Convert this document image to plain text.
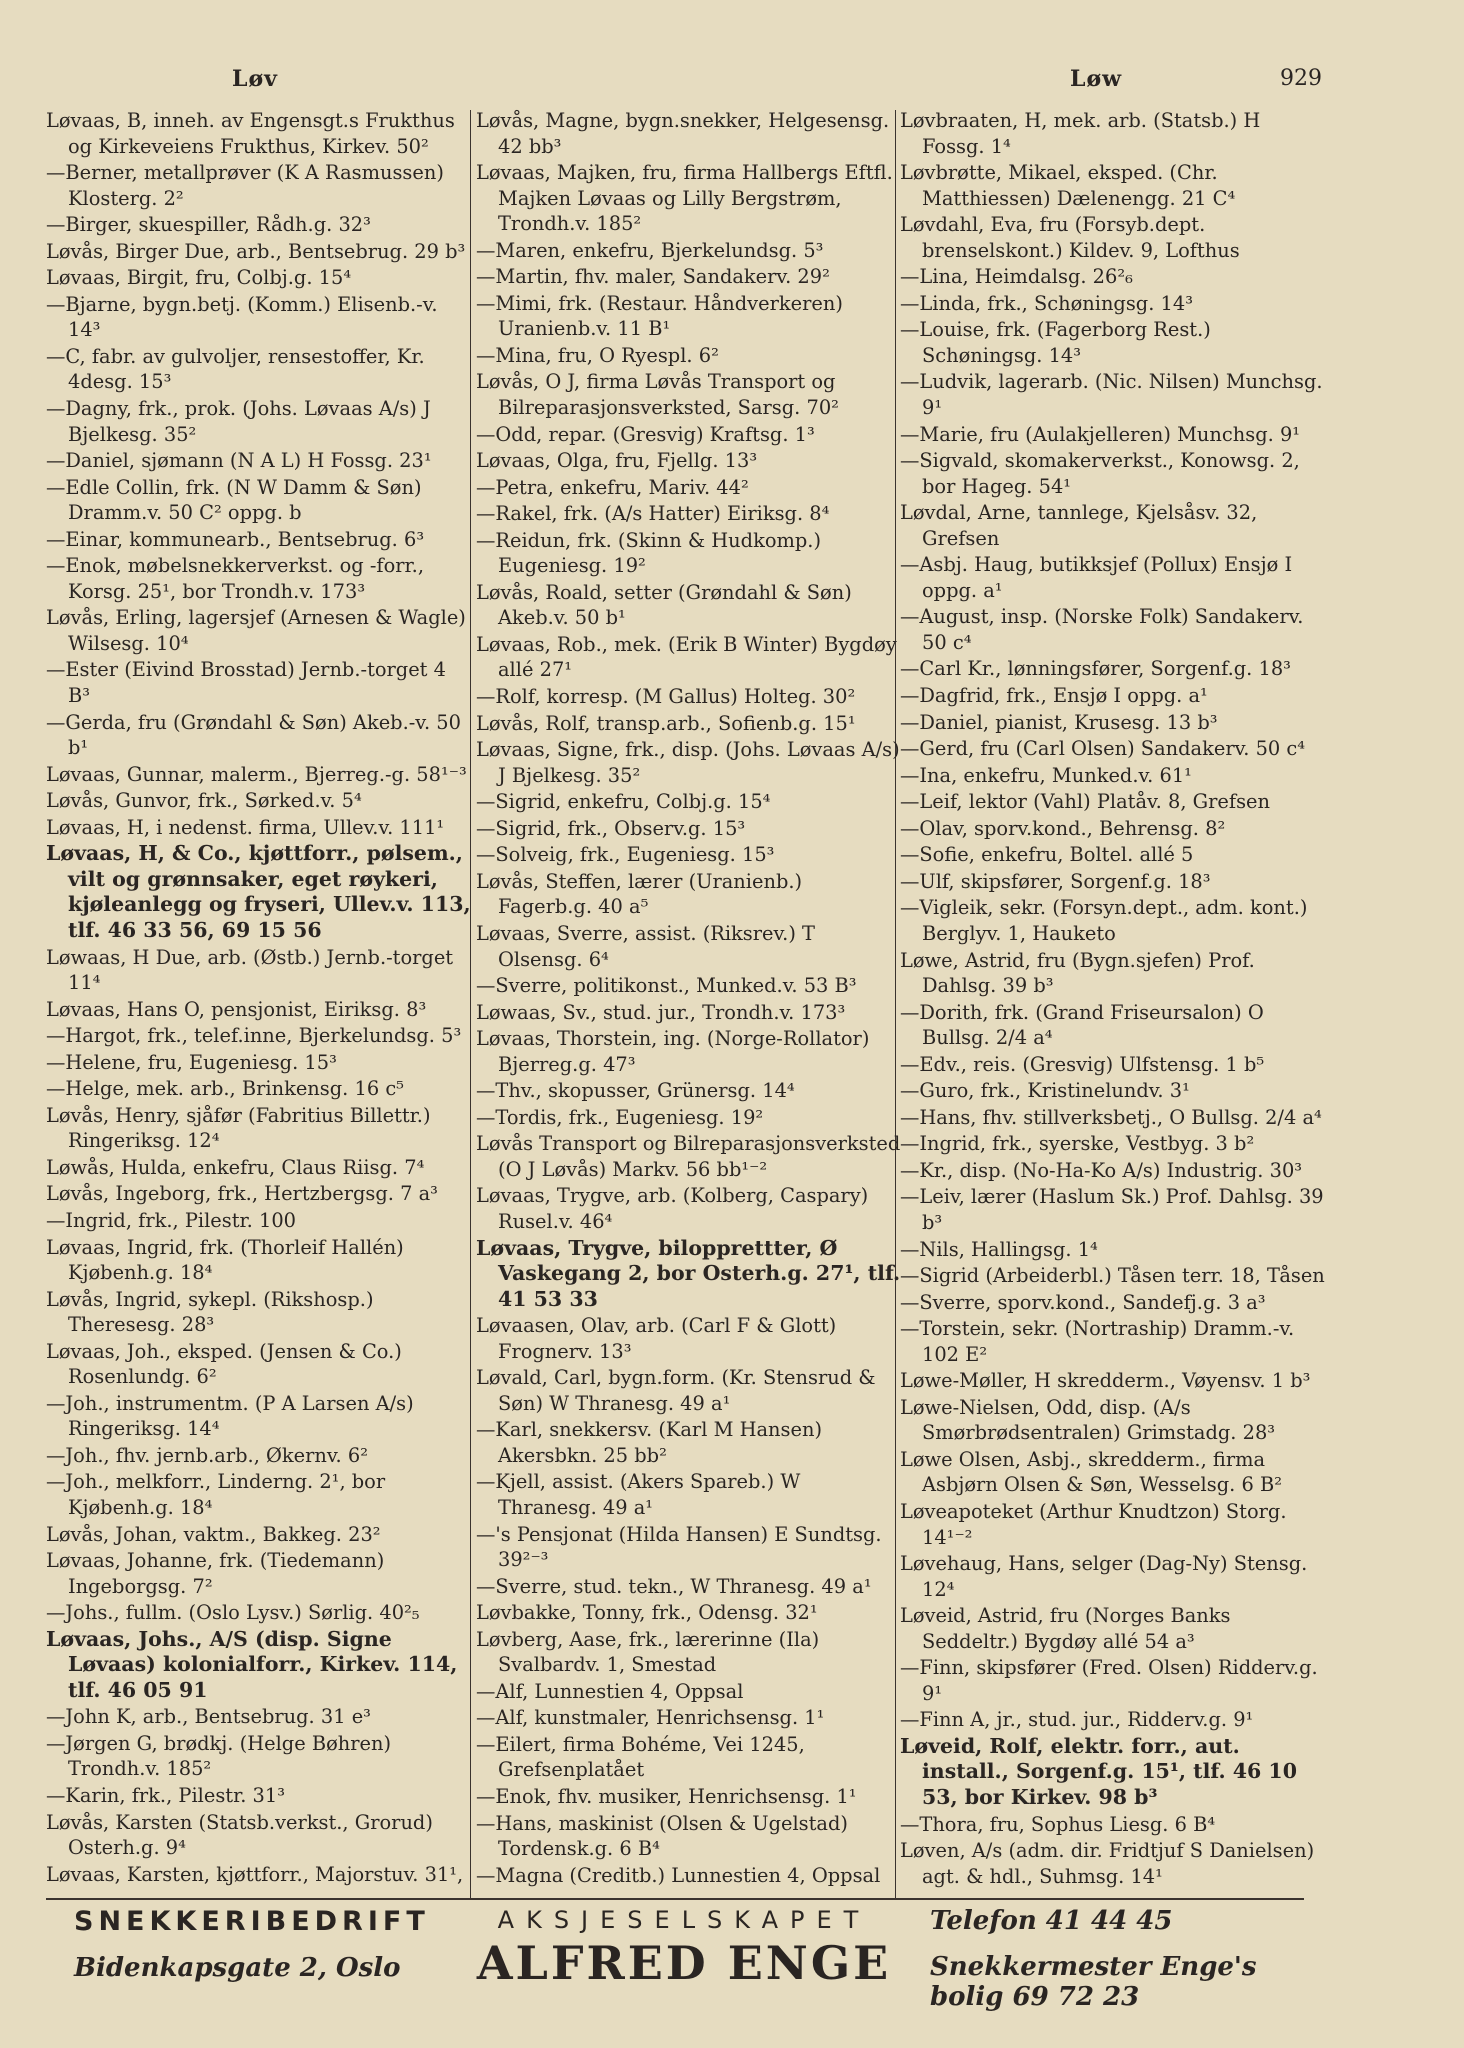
Løv	Løw	929
Løvaas, B, inneh. av Engensgt.s Frukthus og Kirkeveiens Frukthus, Kirkev. 50²
—Berner, metallprøver (K A Rasmussen) Klosterg. 2²
—Birger, skuespiller, Rådh.g. 32³
Løvås, Birger Due, arb., Bentsebrug. 29 b³
Løvaas, Birgit, fru, Colbj.g. 15⁴
—Bjarne, bygn.betj. (Komm.) Elisenb.-v. 14³
—C, fabr. av gulvoljer, rensestoffer, Kr. 4desg. 15³
—Dagny, frk., prok. (Johs. Løvaas A/s) J Bjelkesg. 35²
—Daniel, sjømann (N A L) H Fossg. 23¹
—Edle Collin, frk. (N W Damm & Søn) Dramm.v. 50 C² oppg. b
—Einar, kommunearb., Bentsebrug. 6³
—Enok, møbelsnekkerverkst. og -forr., Korsg. 25¹, bor Trondh.v. 173³
Løvås, Erling, lagersjef (Arnesen & Wagle) Wilsesg. 10⁴
—Ester (Eivind Brosstad) Jernb.-torget 4 B³
—Gerda, fru (Grøndahl & Søn) Akeb.-v. 50 b¹
Løvaas, Gunnar, malerm., Bjerreg.-g. 58¹⁻³
Løvås, Gunvor, frk., Sørked.v. 5⁴
Løvaas, H, i nedenst. firma, Ullev.v. 111¹
Løvaas, H, & Co., kjøttforr., pølsem., vilt og grønnsaker, eget røykeri, kjøleanlegg og fryseri, Ullev.v. 113, tlf. 46 33 56, 69 15 56
Løwaas, H Due, arb. (Østb.) Jernb.-torget 11⁴
Løvaas, Hans O, pensjonist, Eiriksg. 8³
—Hargot, frk., telef.inne, Bjerkelundsg. 5³
—Helene, fru, Eugeniesg. 15³
—Helge, mek. arb., Brinkensg. 16 c⁵
Løvås, Henry, sjåfør (Fabritius Billettr.) Ringeriksg. 12⁴
Løwås, Hulda, enkefru, Claus Riisg. 7⁴
Løvås, Ingeborg, frk., Hertzbergsg. 7 a³
—Ingrid, frk., Pilestr. 100
Løvaas, Ingrid, frk. (Thorleif Hallén) Kjøbenh.g. 18⁴
Løvås, Ingrid, sykepl. (Rikshosp.) Theresesg. 28³
Løvaas, Joh., eksped. (Jensen & Co.) Rosenlundg. 6²
—Joh., instrumentm. (P A Larsen A/s) Ringeriksg. 14⁴
—Joh., fhv. jernb.arb., Økernv. 6²
—Joh., melkforr., Linderng. 2¹, bor Kjøbenh.g. 18⁴
Løvås, Johan, vaktm., Bakkeg. 23²
Løvaas, Johanne, frk. (Tiedemann) Ingeborgsg. 7²
—Johs., fullm. (Oslo Lysv.) Sørlig. 40²₅
Løvaas, Johs., A/S (disp. Signe Løvaas) kolonialforr., Kirkev. 114, tlf. 46 05 91
—John K, arb., Bentsebrug. 31 e³
—Jørgen G, brødkj. (Helge Bøhren) Trondh.v. 185²
—Karin, frk., Pilestr. 31³
Løvås, Karsten (Statsb.verkst., Grorud) Osterh.g. 9⁴
Løvaas, Karsten, kjøttforr., Majorstuv. 31¹,
Løvås, Magne, bygn.snekker, Helgesensg. 42 bb³
Løvaas, Majken, fru, firma Hallbergs Eftfl. Majken Løvaas og Lilly Bergstrøm, Trondh.v. 185²
—Maren, enkefru, Bjerkelundsg. 5³
—Martin, fhv. maler, Sandakerv. 29²
—Mimi, frk. (Restaur. Håndverkeren) Uranienb.v. 11 B¹
—Mina, fru, O Ryespl. 6²
Løvås, O J, firma Løvås Transport og Bilreparasjonsverksted, Sarsg. 70²
—Odd, repar. (Gresvig) Kraftsg. 1³
Løvaas, Olga, fru, Fjellg. 13³
—Petra, enkefru, Mariv. 44²
—Rakel, frk. (A/s Hatter) Eiriksg. 8⁴
—Reidun, frk. (Skinn & Hudkomp.) Eugeniesg. 19²
Løvås, Roald, setter (Grøndahl & Søn) Akeb.v. 50 b¹
Løvaas, Rob., mek. (Erik B Winter) Bygdøy allé 27¹
—Rolf, korresp. (M Gallus) Holteg. 30²
Løvås, Rolf, transp.arb., Sofienb.g. 15¹
Løvaas, Signe, frk., disp. (Johs. Løvaas A/s) J Bjelkesg. 35²
—Sigrid, enkefru, Colbj.g. 15⁴
—Sigrid, frk., Observ.g. 15³
—Solveig, frk., Eugeniesg. 15³
Løvås, Steffen, lærer (Uranienb.) Fagerb.g. 40 a⁵
Løvaas, Sverre, assist. (Riksrev.) T Olsensg. 6⁴
—Sverre, politikonst., Munked.v. 53 B³
Løwaas, Sv., stud. jur., Trondh.v. 173³
Løvaas, Thorstein, ing. (Norge-Rollator) Bjerreg.g. 47³
—Thv., skopusser, Grünersg. 14⁴
—Tordis, frk., Eugeniesg. 19²
Løvås Transport og Bilreparasjonsverksted (O J Løvås) Markv. 56 bb¹⁻²
Løvaas, Trygve, arb. (Kolberg, Caspary) Rusel.v. 46⁴
Løvaas, Trygve, bilopprettter, Ø Vaskegang 2, bor Osterh.g. 27¹, tlf. 41 53 33
Løvaasen, Olav, arb. (Carl F & Glott) Frognerv. 13³
Løvald, Carl, bygn.form. (Kr. Stensrud & Søn) W Thranesg. 49 a¹
—Karl, snekkersv. (Karl M Hansen) Akersbkn. 25 bb²
—Kjell, assist. (Akers Spareb.) W Thranesg. 49 a¹
—'s Pensjonat (Hilda Hansen) E Sundtsg. 39²⁻³
—Sverre, stud. tekn., W Thranesg. 49 a¹
Løvbakke, Tonny, frk., Odensg. 32¹
Løvberg, Aase, frk., lærerinne (Ila) Svalbardv. 1, Smestad
—Alf, Lunnestien 4, Oppsal
—Alf, kunstmaler, Henrichsensg. 1¹
—Eilert, firma Bohéme, Vei 1245, Grefsenplatået
—Enok, fhv. musiker, Henrichsensg. 1¹
—Hans, maskinist (Olsen & Ugelstad) Tordensk.g. 6 B⁴
—Magna (Creditb.) Lunnestien 4, Oppsal
Løvbraaten, H, mek. arb. (Statsb.) H Fossg. 1⁴
Løvbrøtte, Mikael, eksped. (Chr. Matthiessen) Dælenengg. 21 C⁴
Løvdahl, Eva, fru (Forsyb.dept. brenselskont.) Kildev. 9, Lofthus
—Lina, Heimdalsg. 26²₆
—Linda, frk., Schøningsg. 14³
—Louise, frk. (Fagerborg Rest.) Schøningsg. 14³
—Ludvik, lagerarb. (Nic. Nilsen) Munchsg. 9¹
—Marie, fru (Aulakjelleren) Munchsg. 9¹
—Sigvald, skomakerverkst., Konowsg. 2, bor Hageg. 54¹
Løvdal, Arne, tannlege, Kjelsåsv. 32, Grefsen
—Asbj. Haug, butikksjef (Pollux) Ensjø I oppg. a¹
—August, insp. (Norske Folk) Sandakerv. 50 c⁴
—Carl Kr., lønningsfører, Sorgenf.g. 18³
—Dagfrid, frk., Ensjø I oppg. a¹
—Daniel, pianist, Krusesg. 13 b³
—Gerd, fru (Carl Olsen) Sandakerv. 50 c⁴
—Ina, enkefru, Munked.v. 61¹
—Leif, lektor (Vahl) Platåv. 8, Grefsen
—Olav, sporv.kond., Behrensg. 8²
—Sofie, enkefru, Boltel. allé 5
—Ulf, skipsfører, Sorgenf.g. 18³
—Vigleik, sekr. (Forsyn.dept., adm. kont.) Berglyv. 1, Hauketo
Løwe, Astrid, fru (Bygn.sjefen) Prof. Dahlsg. 39 b³
—Dorith, frk. (Grand Friseursalon) O Bullsg. 2/4 a⁴
—Edv., reis. (Gresvig) Ulfstensg. 1 b⁵
—Guro, frk., Kristinelundv. 3¹
—Hans, fhv. stillverksbetj., O Bullsg. 2/4 a⁴
—Ingrid, frk., syerske, Vestbyg. 3 b²
—Kr., disp. (No-Ha-Ko A/s) Industrig. 30³
—Leiv, lærer (Haslum Sk.) Prof. Dahlsg. 39 b³
—Nils, Hallingsg. 1⁴
—Sigrid (Arbeiderbl.) Tåsen terr. 18, Tåsen
—Sverre, sporv.kond., Sandefj.g. 3 a³
—Torstein, sekr. (Nortraship) Dramm.-v. 102 E²
Løwe-Møller, H skredderm., Vøyensv. 1 b³
Løwe-Nielsen, Odd, disp. (A/s Smørbrødsentralen) Grimstadg. 28³
Løwe Olsen, Asbj., skredderm., firma Asbjørn Olsen & Søn, Wesselsg. 6 B²
Løveapoteket (Arthur Knudtzon) Storg. 14¹⁻²
Løvehaug, Hans, selger (Dag-Ny) Stensg. 12⁴
Løveid, Astrid, fru (Norges Banks Seddeltr.) Bygdøy allé 54 a³
—Finn, skipsfører (Fred. Olsen) Ridderv.g. 9¹
—Finn A, jr., stud. jur., Ridderv.g. 9¹
Løveid, Rolf, elektr. forr., aut. install., Sorgenf.g. 15¹, tlf. 46 10 53, bor Kirkev. 98 b³
—Thora, fru, Sophus Liesg. 6 B⁴
Løven, A/s (adm. dir. Fridtjuf S Danielsen) agt. & hdl., Suhmsg. 14¹
SNEKKERIBEDRIFT
Bidenkapsgate 2, Oslo
AKSJESELSKAPET
ALFRED ENGE
Telefon 41 44 45
Snekkermester Enge's bolig 69 72 23
